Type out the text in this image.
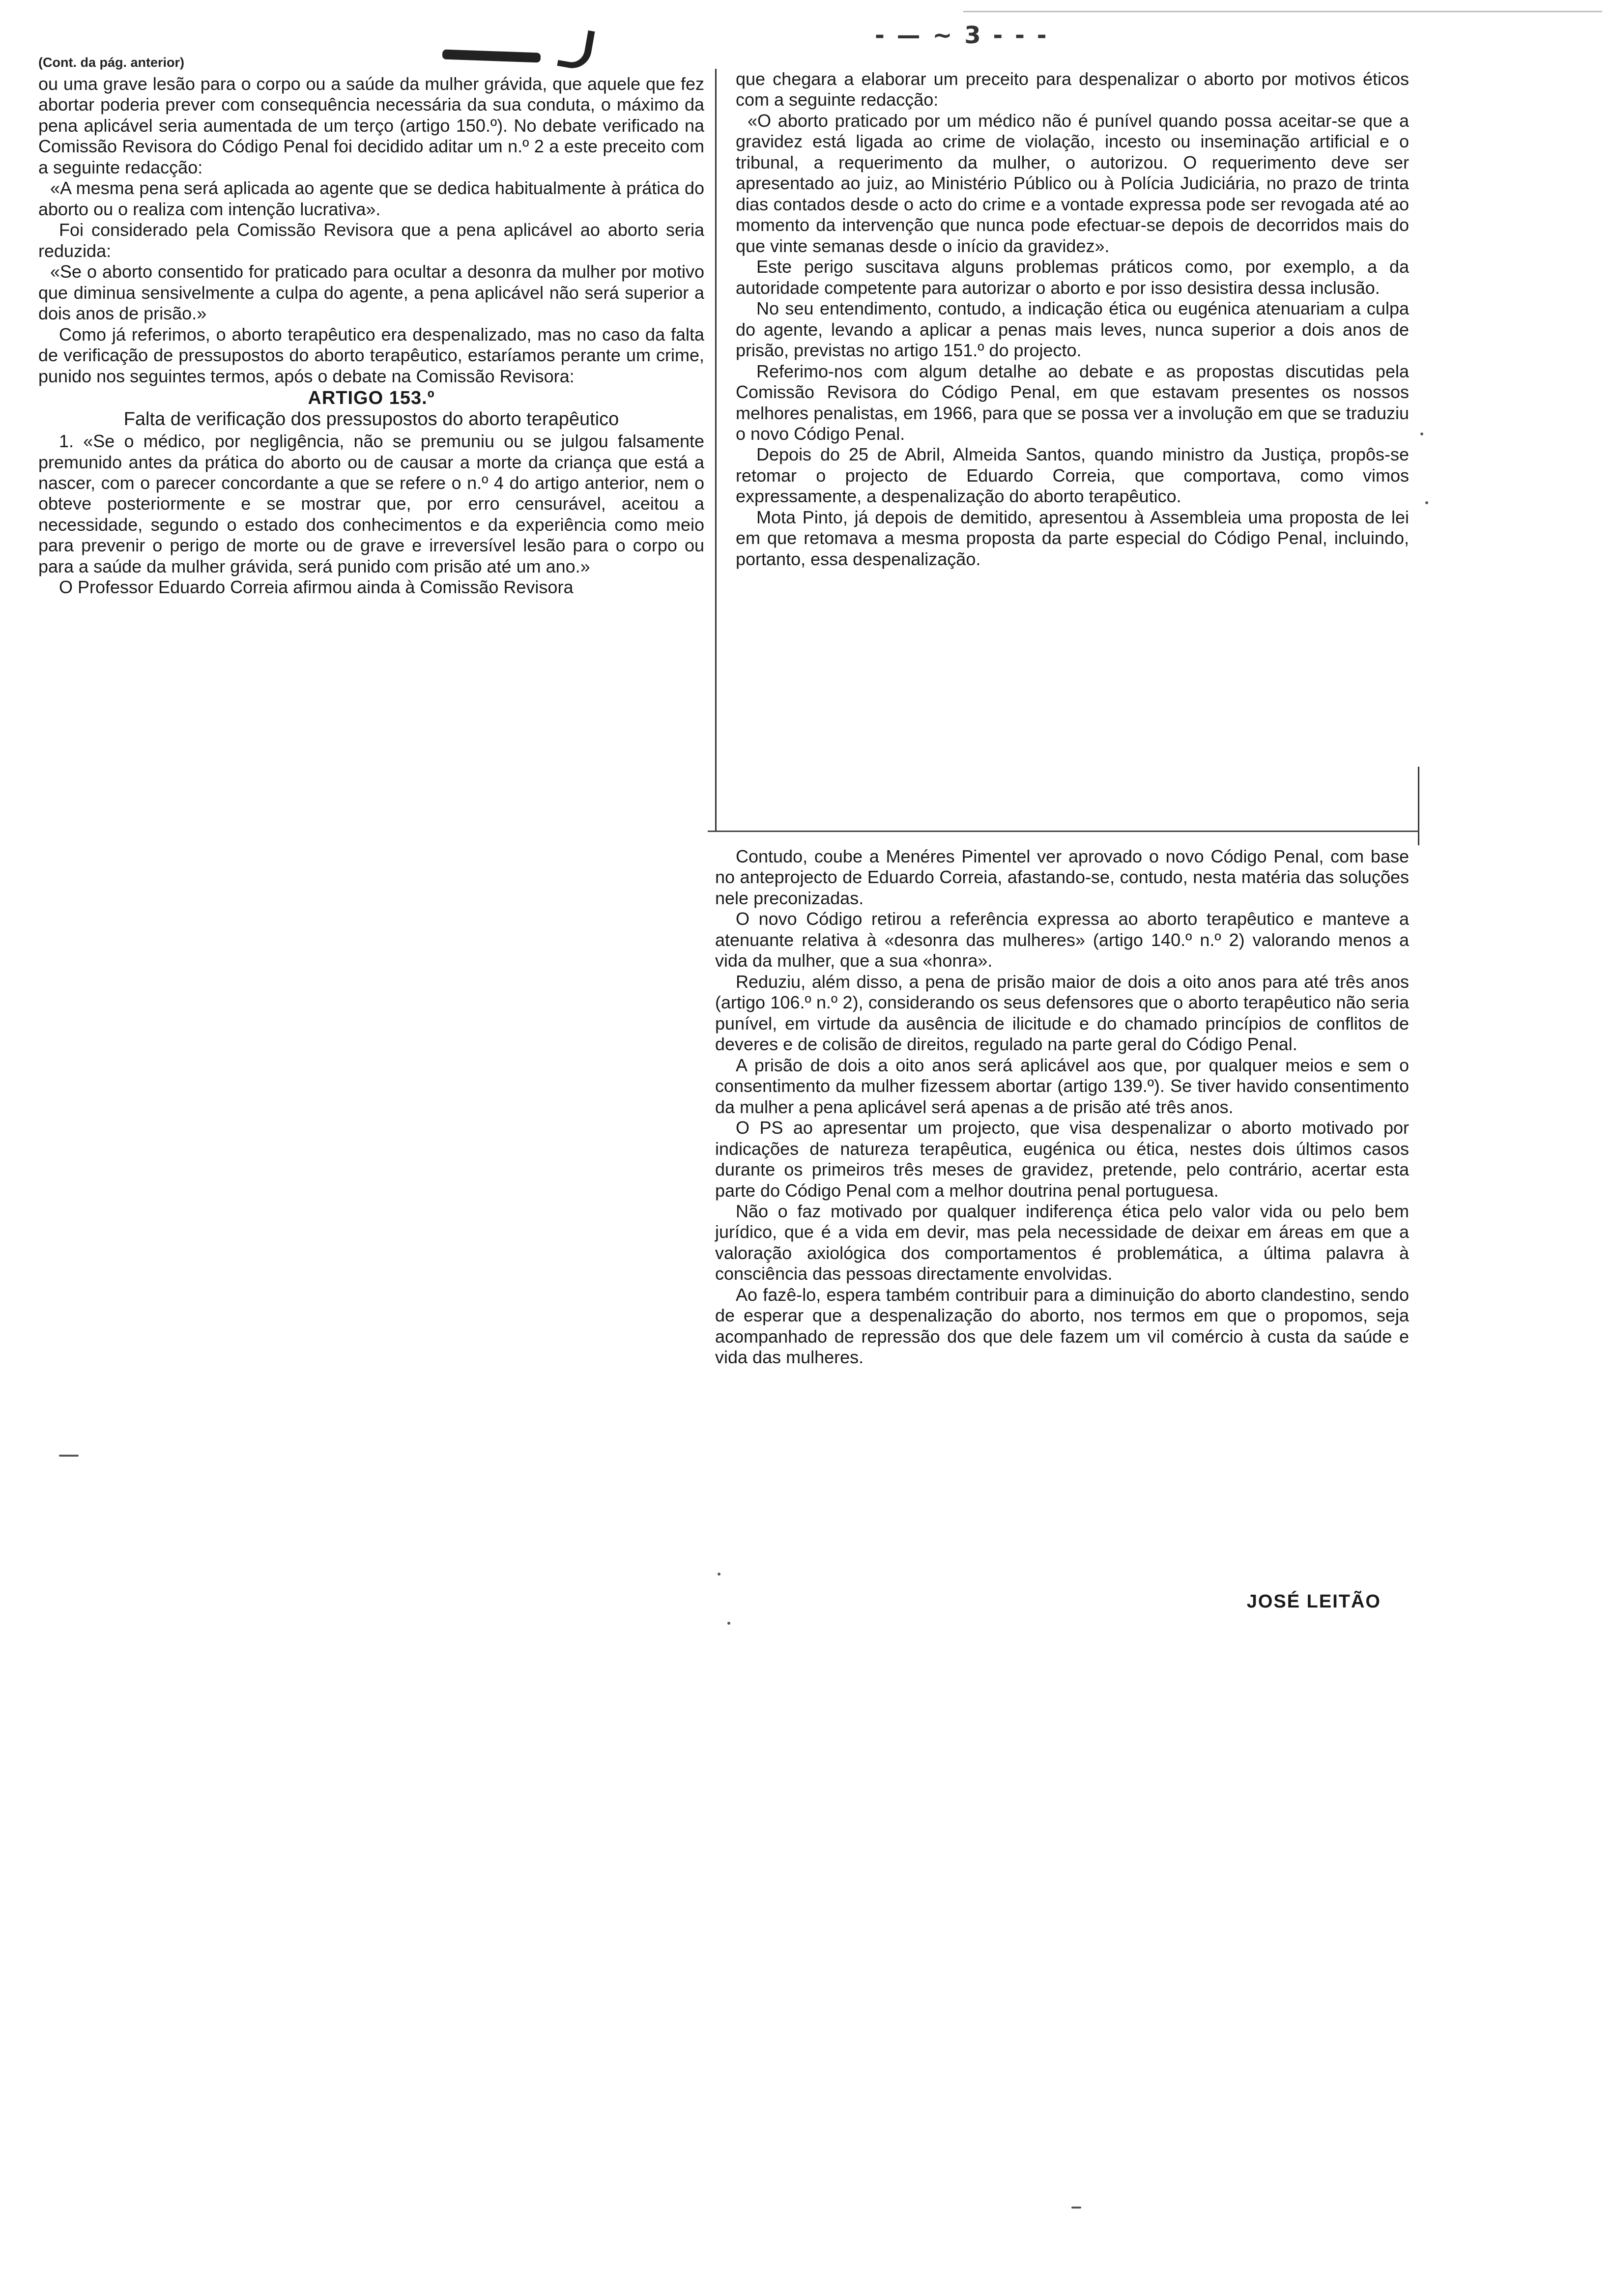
- — ~ 3 - - -
(Cont. da pág. anterior)

ou uma grave lesão para o corpo ou a saúde da mulher grávida, que aquele que fez abortar poderia prever com consequência necessária da sua conduta, o máximo da pena aplicável seria aumentada de um terço (artigo 150.º). No debate verificado na Comissão Revisora do Código Penal foi decidido aditar um n.º 2 a este preceito com a seguinte redacção:

«A mesma pena será aplicada ao agente que se dedica habitualmente à prática do aborto ou o realiza com intenção lucrativa».

Foi considerado pela Comissão Revisora que a pena aplicável ao aborto seria reduzida:

«Se o aborto consentido for praticado para ocultar a desonra da mulher por motivo que diminua sensivelmente a culpa do agente, a pena aplicável não será superior a dois anos de prisão.»

Como já referimos, o aborto terapêutico era despenalizado, mas no caso da falta de verificação de pressupostos do aborto terapêutico, estaríamos perante um crime, punido nos seguintes termos, após o debate na Comissão Revisora:

ARTIGO 153.º
Falta de verificação dos pressupostos do aborto terapêutico

1. «Se o médico, por negligência, não se premuniu ou se julgou falsamente premunido antes da prática do aborto ou de causar a morte da criança que está a nascer, com o parecer concordante a que se refere o n.º 4 do artigo anterior, nem o obteve posteriormente e se mostrar que, por erro censurável, aceitou a necessidade, segundo o estado dos conhecimentos e da experiência como meio para prevenir o perigo de morte ou de grave e irreversível lesão para o corpo ou para a saúde da mulher grávida, será punido com prisão até um ano.»

O Professor Eduardo Correia afirmou ainda à Comissão Revisora

que chegara a elaborar um preceito para despenalizar o aborto por motivos éticos com a seguinte redacção:

«O aborto praticado por um médico não é punível quando possa aceitar-se que a gravidez está ligada ao crime de violação, incesto ou inseminação artificial e o tribunal, a requerimento da mulher, o autorizou. O requerimento deve ser apresentado ao juiz, ao Ministério Público ou à Polícia Judiciária, no prazo de trinta dias contados desde o acto do crime e a vontade expressa pode ser revogada até ao momento da intervenção que nunca pode efectuar-se depois de decorridos mais do que vinte semanas desde o início da gravidez».

Este perigo suscitava alguns problemas práticos como, por exemplo, a da autoridade competente para autorizar o aborto e por isso desistira dessa inclusão.

No seu entendimento, contudo, a indicação ética ou eugénica atenuariam a culpa do agente, levando a aplicar a penas mais leves, nunca superior a dois anos de prisão, previstas no artigo 151.º do projecto.

Referimo-nos com algum detalhe ao debate e as propostas discutidas pela Comissão Revisora do Código Penal, em que estavam presentes os nossos melhores penalistas, em 1966, para que se possa ver a involução em que se traduziu o novo Código Penal.

Depois do 25 de Abril, Almeida Santos, quando ministro da Justiça, propôs-se retomar o projecto de Eduardo Correia, que comportava, como vimos expressamente, a despenalização do aborto terapêutico.

Mota Pinto, já depois de demitido, apresentou à Assembleia uma proposta de lei em que retomava a mesma proposta da parte especial do Código Penal, incluindo, portanto, essa despenalização.

Contudo, coube a Menéres Pimentel ver aprovado o novo Código Penal, com base no anteprojecto de Eduardo Correia, afastando-se, contudo, nesta matéria das soluções nele preconizadas.

O novo Código retirou a referência expressa ao aborto terapêutico e manteve a atenuante relativa à «desonra das mulheres» (artigo 140.º n.º 2) valorando menos a vida da mulher, que a sua «honra».

Reduziu, além disso, a pena de prisão maior de dois a oito anos para até três anos (artigo 106.º n.º 2), considerando os seus defensores que o aborto terapêutico não seria punível, em virtude da ausência de ilicitude e do chamado princípios de conflitos de deveres e de colisão de direitos, regulado na parte geral do Código Penal.

A prisão de dois a oito anos será aplicável aos que, por qualquer meios e sem o consentimento da mulher fizessem abortar (artigo 139.º). Se tiver havido consentimento da mulher a pena aplicável será apenas a de prisão até três anos.

O PS ao apresentar um projecto, que visa despenalizar o aborto motivado por indicações de natureza terapêutica, eugénica ou ética, nestes dois últimos casos durante os primeiros três meses de gravidez, pretende, pelo contrário, acertar esta parte do Código Penal com a melhor doutrina penal portuguesa.

Não o faz motivado por qualquer indiferença ética pelo valor vida ou pelo bem jurídico, que é a vida em devir, mas pela necessidade de deixar em áreas em que a valoração axiológica dos comportamentos é problemática, a última palavra à consciência das pessoas directamente envolvidas.

Ao fazê-lo, espera também contribuir para a diminuição do aborto clandestino, sendo de esperar que a despenalização do aborto, nos termos em que o propomos, seja acompanhado de repressão dos que dele fazem um vil comércio à custa da saúde e vida das mulheres.

JOSÉ LEITÃO
